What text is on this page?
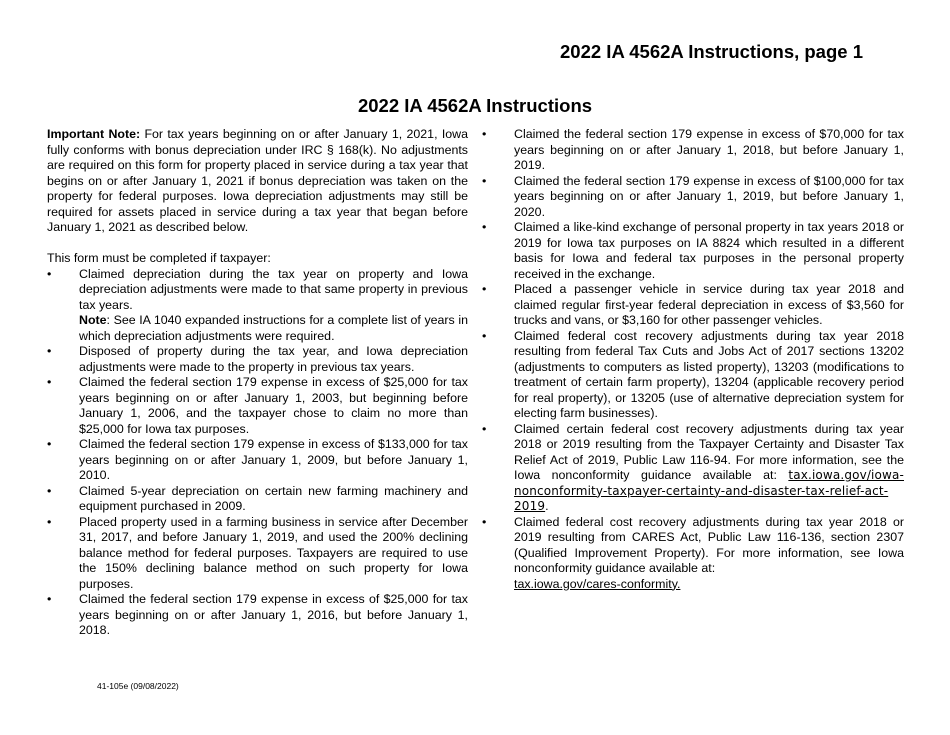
2022 IA 4562A Instructions, page 1
2022 IA 4562A Instructions

Important Note: For tax years beginning on or after January 1, 2021, Iowa fully conforms with bonus depreciation under IRC § 168(k). No adjustments are required on this form for property placed in service during a tax year that begins on or after January 1, 2021 if bonus depreciation was taken on the property for federal purposes. Iowa depreciation adjustments may still be required for assets placed in service during a tax year that began before January 1, 2021 as described below.

This form must be completed if taxpayer:

• Claimed depreciation during the tax year on property and Iowa depreciation adjustments were made to that same property in previous tax years.
Note: See IA 1040 expanded instructions for a complete list of years in which depreciation adjustments were required.
• Disposed of property during the tax year, and Iowa depreciation adjustments were made to the property in previous tax years.
• Claimed the federal section 179 expense in excess of $25,000 for tax years beginning on or after January 1, 2003, but beginning before January 1, 2006, and the taxpayer chose to claim no more than $25,000 for Iowa tax purposes.
• Claimed the federal section 179 expense in excess of $133,000 for tax years beginning on or after January 1, 2009, but before January 1, 2010.
• Claimed 5-year depreciation on certain new farming machinery and equipment purchased in 2009.
• Placed property used in a farming business in service after December 31, 2017, and before January 1, 2019, and used the 200% declining balance method for federal purposes. Taxpayers are required to use the 150% declining balance method on such property for Iowa purposes.
• Claimed the federal section 179 expense in excess of $25,000 for tax years beginning on or after January 1, 2016, but before January 1, 2018.
• Claimed the federal section 179 expense in excess of $70,000 for tax years beginning on or after January 1, 2018, but before January 1, 2019.
• Claimed the federal section 179 expense in excess of $100,000 for tax years beginning on or after January 1, 2019, but before January 1, 2020.
• Claimed a like-kind exchange of personal property in tax years 2018 or 2019 for Iowa tax purposes on IA 8824 which resulted in a different basis for Iowa and federal tax purposes in the personal property received in the exchange.
• Placed a passenger vehicle in service during tax year 2018 and claimed regular first-year federal depreciation in excess of $3,560 for trucks and vans, or $3,160 for other passenger vehicles.
• Claimed federal cost recovery adjustments during tax year 2018 resulting from federal Tax Cuts and Jobs Act of 2017 sections 13202 (adjustments to computers as listed property), 13203 (modifications to treatment of certain farm property), 13204 (applicable recovery period for real property), or 13205 (use of alternative depreciation system for electing farm businesses).
• Claimed certain federal cost recovery adjustments during tax year 2018 or 2019 resulting from the Taxpayer Certainty and Disaster Tax Relief Act of 2019, Public Law 116-94. For more information, see the Iowa nonconformity guidance available at: tax.iowa.gov/iowa-nonconformity-taxpayer-certainty-and-disaster-tax-relief-act-2019.
• Claimed federal cost recovery adjustments during tax year 2018 or 2019 resulting from CARES Act, Public Law 116-136, section 2307 (Qualified Improvement Property). For more information, see Iowa nonconformity guidance available at:
tax.iowa.gov/cares-conformity.
41-105e (09/08/2022)
